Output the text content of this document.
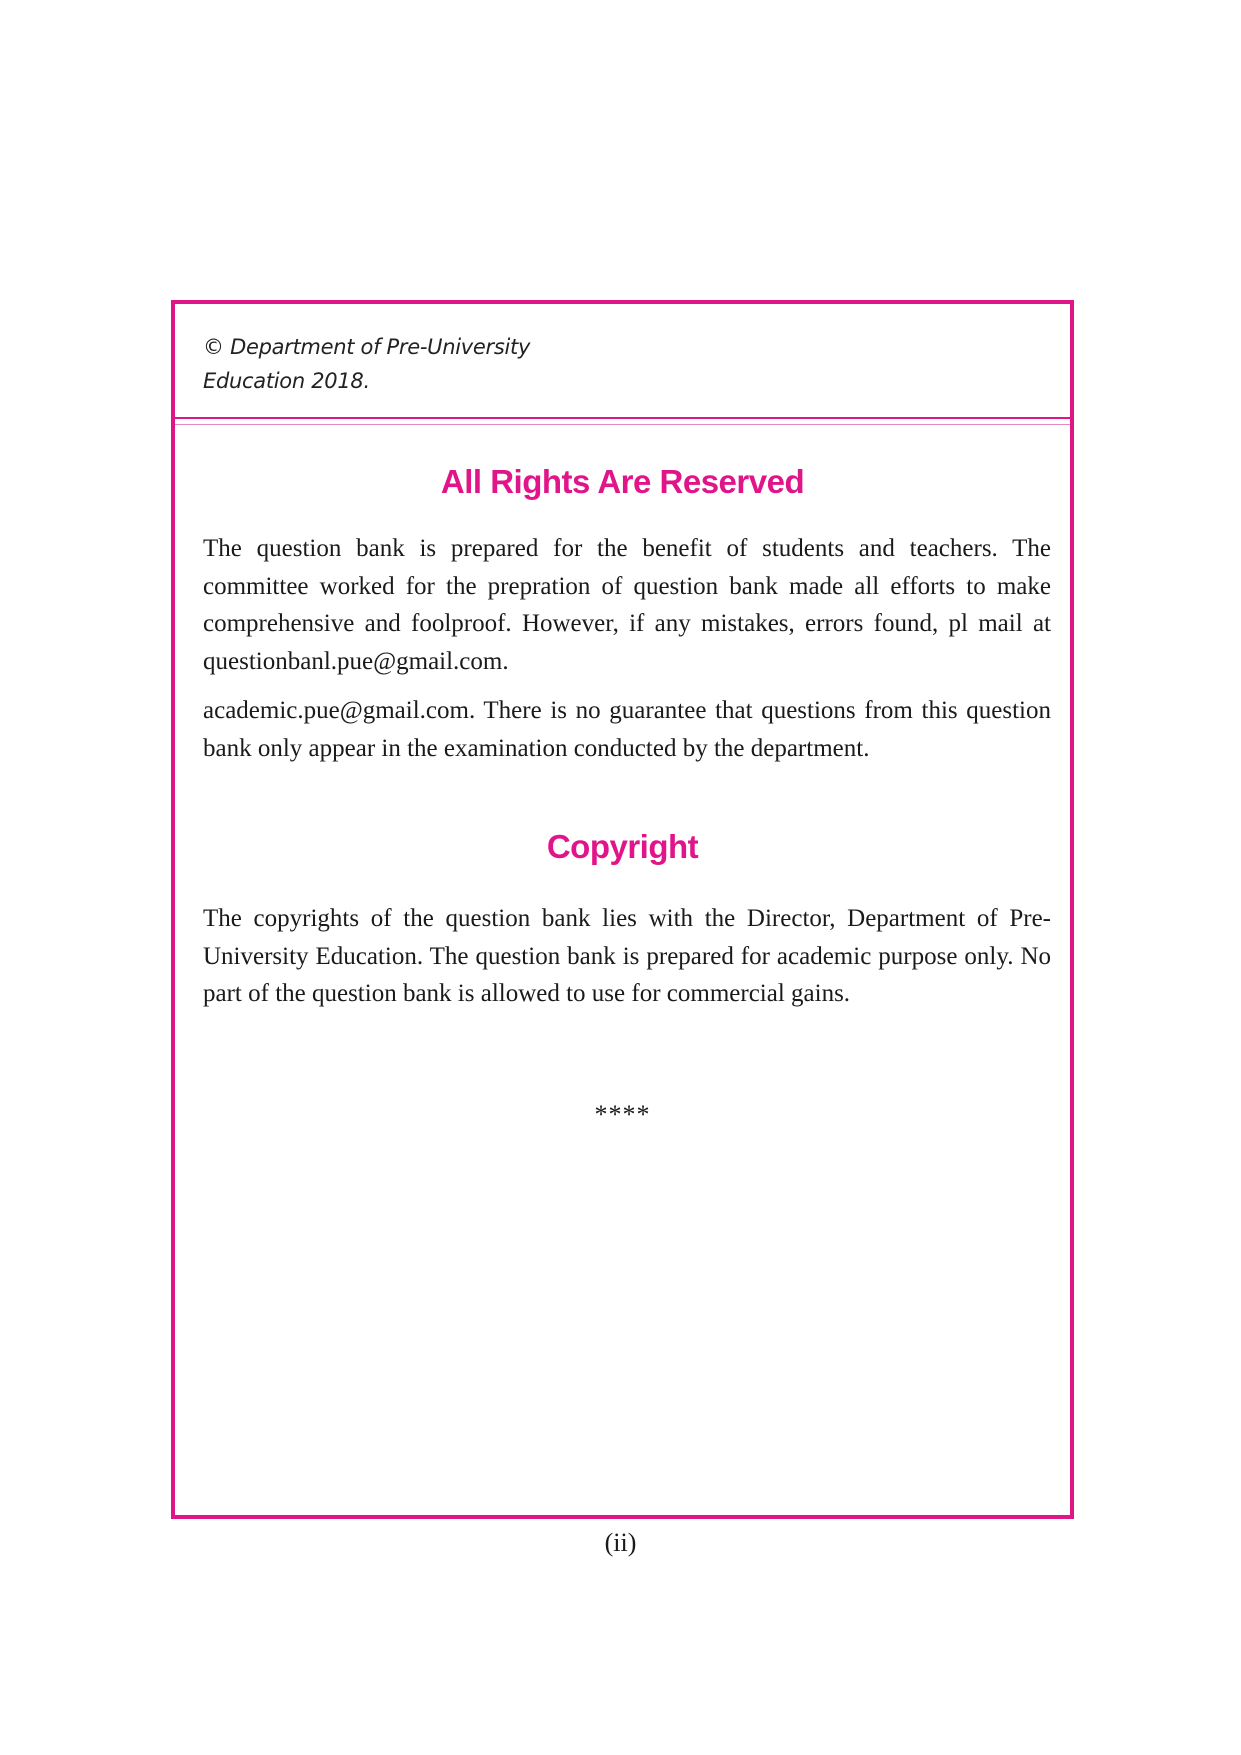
© Department of Pre-University
Education 2018.
All Rights Are Reserved

The question bank is prepared for the benefit of students and teachers. The committee worked for the prepration of question bank made all efforts to make comprehensive and foolproof. However, if any mistakes, errors found, pl mail at questionbanl.pue@gmail.com.

academic.pue@gmail.com. There is no guarantee that questions from this question bank only appear in the examination conducted by the department.

Copyright

The copyrights of the question bank lies with the Director, Department of Pre-University Education. The question bank is prepared for academic purpose only. No part of the question bank is allowed to use for commercial gains.

****
(ii)
